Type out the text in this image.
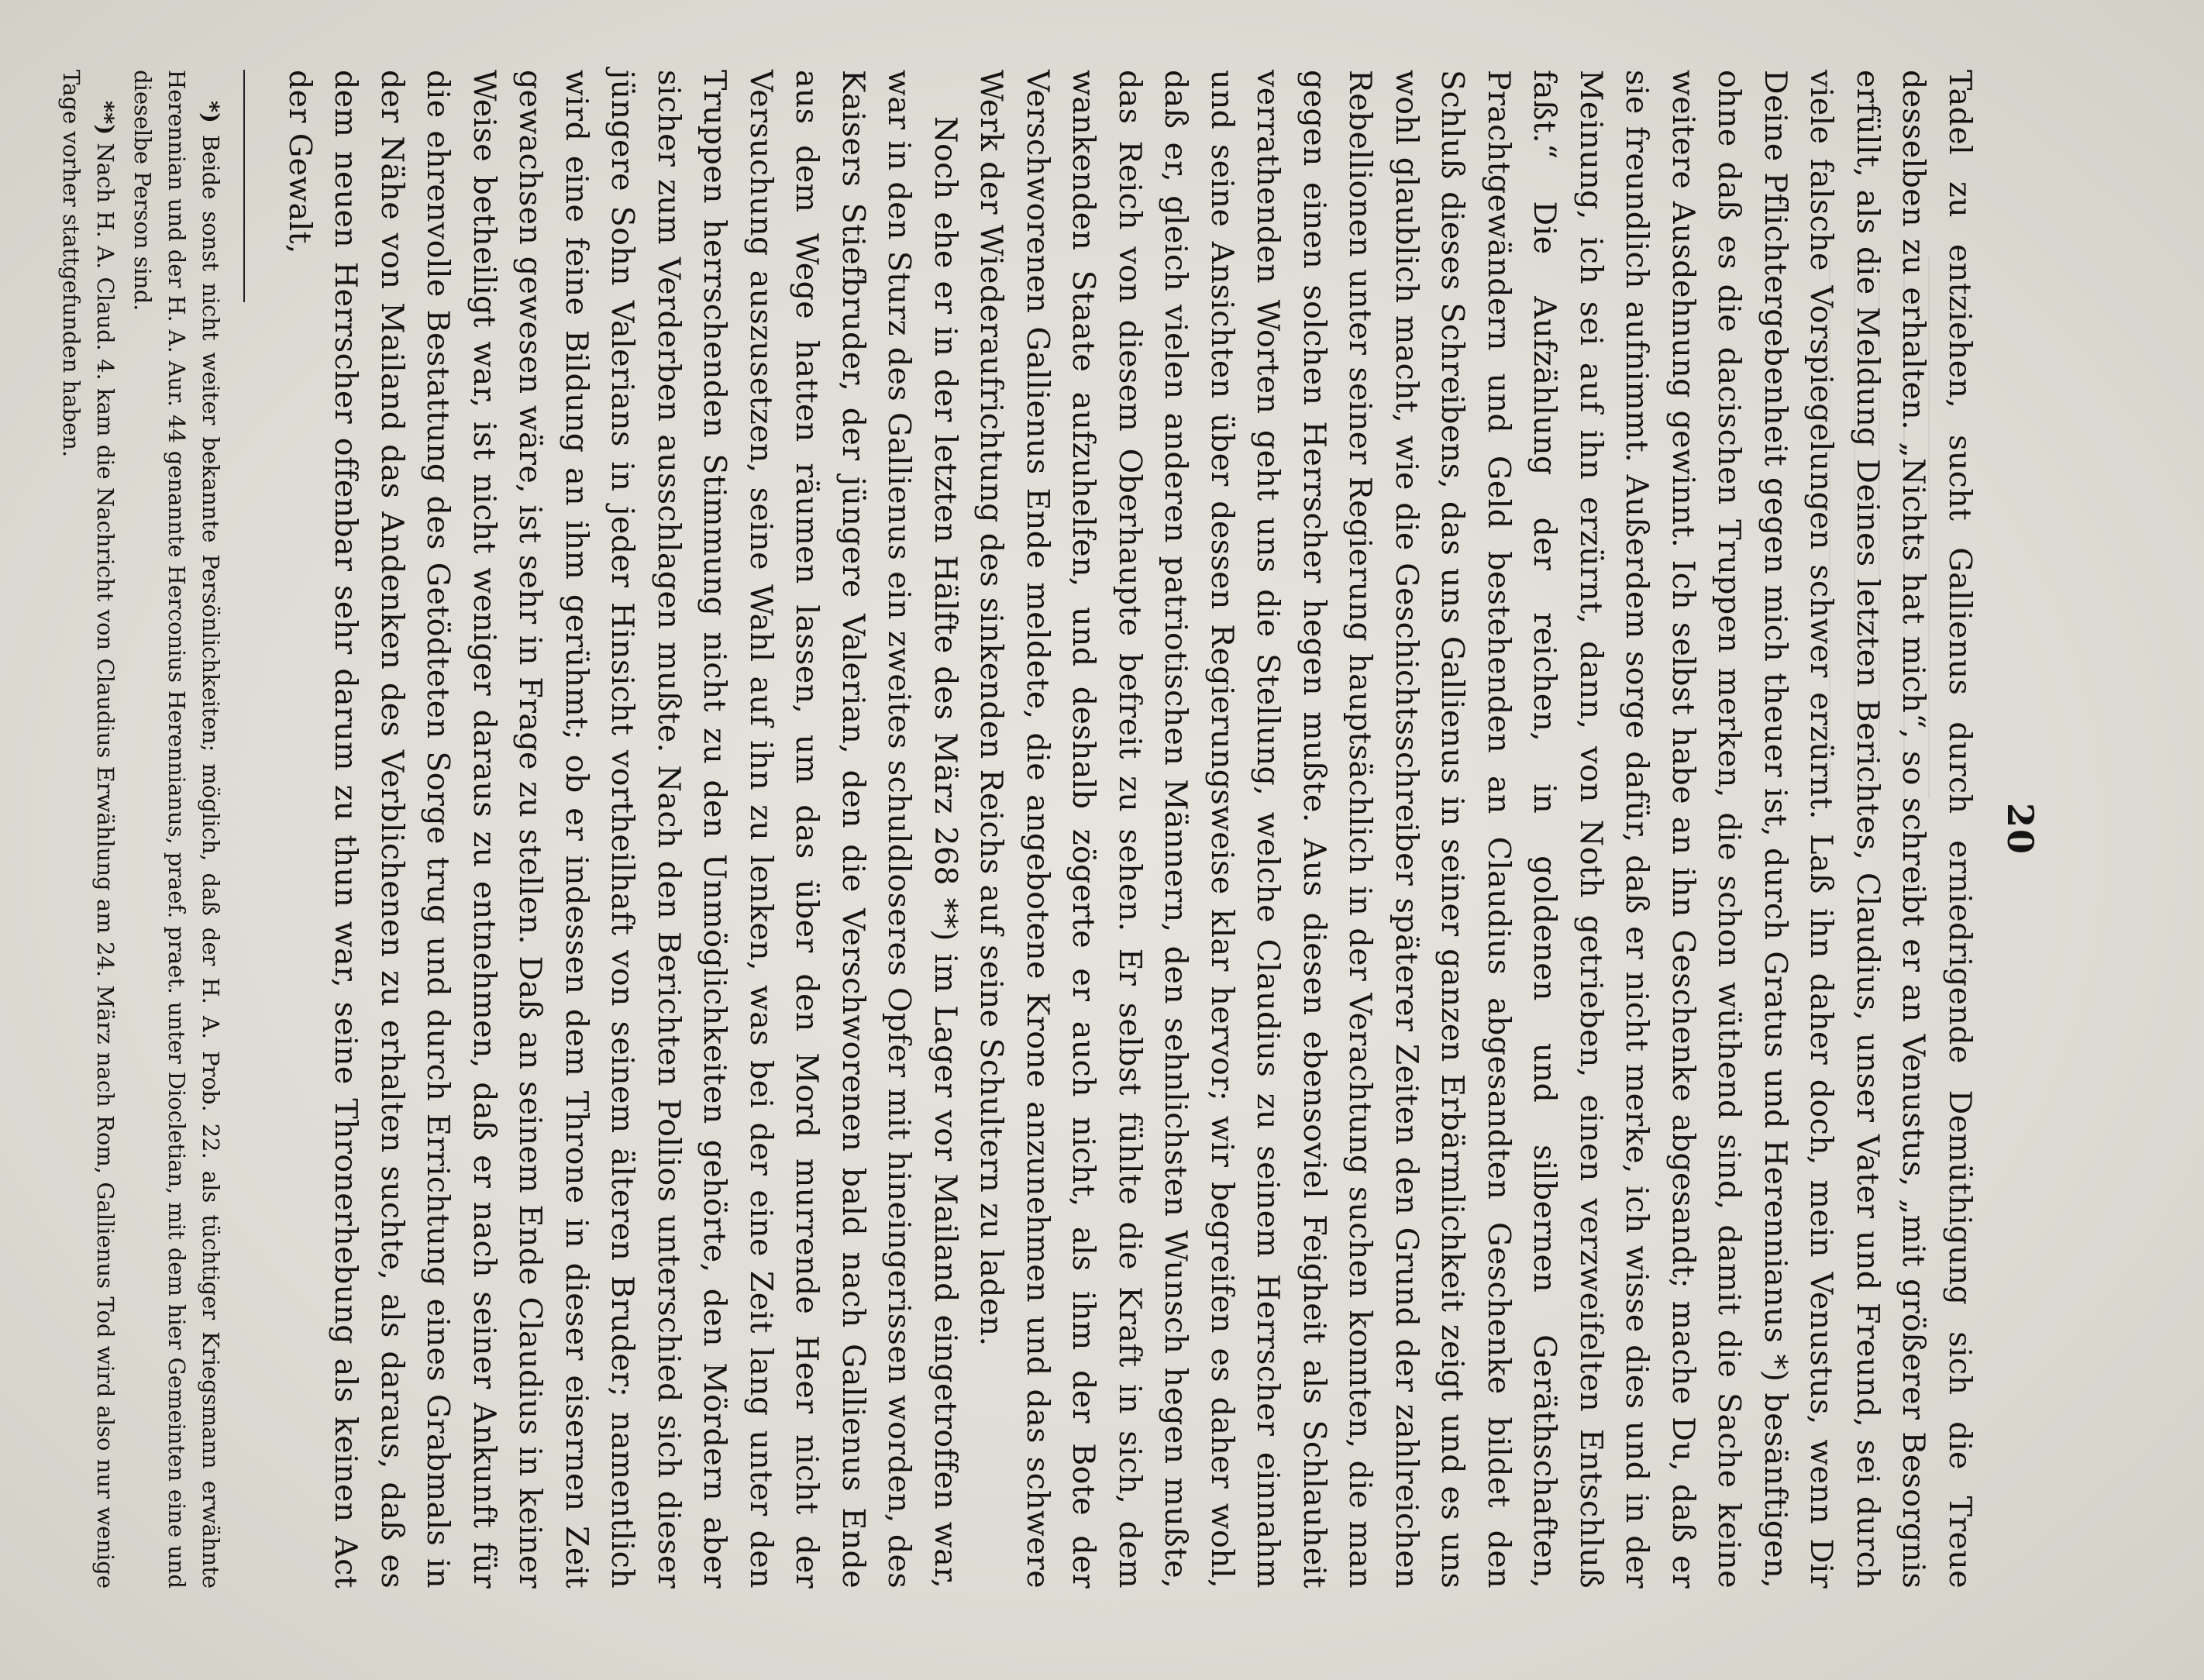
20

Tadel zu entziehen, sucht Gallienus durch erniedrigende Demüthigung sich die Treue desselben zu erhalten. „Nichts hat mich“, so schreibt er an Venustus, „mit größerer Besorgnis erfüllt, als die Meldung Deines letzten Berichtes, Claudius, unser Vater und Freund, sei durch viele falsche Vorspiegelungen schwer erzürnt. Laß ihn daher doch, mein Venustus, wenn Dir Deine Pflichtergebenheit gegen mich theuer ist, durch Gratus und Herennianus *) besänftigen, ohne daß es die dacischen Truppen merken, die schon wüthend sind, damit die Sache keine weitere Ausdehnung gewinnt. Ich selbst habe an ihn Geschenke abgesandt; mache Du, daß er sie freundlich aufnimmt. Außerdem sorge dafür, daß er nicht merke, ich wisse dies und in der Meinung, ich sei auf ihn erzürnt, dann, von Noth getrieben, einen verzweifelten Entschluß faßt.“ Die Aufzählung der reichen, in goldenen und silbernen Geräthschaften, Prachtgewändern und Geld bestehenden an Claudius abgesandten Geschenke bildet den Schluß dieses Schreibens, das uns Gallienus in seiner ganzen Erbärmlichkeit zeigt und es uns wohl glaublich macht, wie die Geschichtsschreiber späterer Zeiten den Grund der zahlreichen Rebellionen unter seiner Regierung hauptsächlich in der Verachtung suchen konnten, die man gegen einen solchen Herrscher hegen mußte. Aus diesen ebensoviel Feigheit als Schlauheit verrathenden Worten geht uns die Stellung, welche Claudius zu seinem Herrscher einnahm und seine Ansichten über dessen Regierungsweise klar hervor; wir begreifen es daher wohl, daß er, gleich vielen anderen patriotischen Männern, den sehnlichsten Wunsch hegen mußte, das Reich von diesem Oberhaupte befreit zu sehen. Er selbst fühlte die Kraft in sich, dem wankenden Staate aufzuhelfen, und deshalb zögerte er auch nicht, als ihm der Bote der Verschworenen Gallienus Ende meldete, die angebotene Krone anzunehmen und das schwere Werk der Wiederaufrichtung des sinkenden Reichs auf seine Schultern zu laden.

Noch ehe er in der letzten Hälfte des März 268 **) im Lager vor Mailand eingetroffen war, war in den Sturz des Gallienus ein zweites schuldloseres Opfer mit hineingerissen worden, des Kaisers Stiefbruder, der jüngere Valerian, den die Verschworenen bald nach Gallienus Ende aus dem Wege hatten räumen lassen, um das über den Mord murrende Heer nicht der Versuchung auszusetzen, seine Wahl auf ihn zu lenken, was bei der eine Zeit lang unter den Truppen herrschenden Stimmung nicht zu den Unmöglichkeiten gehörte, den Mördern aber sicher zum Verderben ausschlagen mußte. Nach den Berichten Pollios unterschied sich dieser jüngere Sohn Valerians in jeder Hinsicht vortheilhaft von seinem älteren Bruder; namentlich wird eine feine Bildung an ihm gerühmt; ob er indessen dem Throne in dieser eisernen Zeit gewachsen gewesen wäre, ist sehr in Frage zu stellen. Daß an seinem Ende Claudius in keiner Weise betheiligt war, ist nicht weniger daraus zu entnehmen, daß er nach seiner Ankunft für die ehrenvolle Bestattung des Getödteten Sorge trug und durch Errichtung eines Grabmals in der Nähe von Mailand das Andenken des Verblichenen zu erhalten suchte, als daraus, daß es dem neuen Herrscher offenbar sehr darum zu thun war, seine Thronerhebung als keinen Act der Gewalt,

*) Beide sonst nicht weiter bekannte Persönlichkeiten; möglich, daß der H. A. Prob. 22. als tüchtiger Kriegsmann erwähnte Herennian und der H. A. Aur. 44 genannte Herconius Herennianus, praef. praet. unter Diocletian, mit dem hier Gemeinten eine und dieselbe Person sind.

**) Nach H. A. Claud. 4. kam die Nachricht von Claudius Erwählung am 24. März nach Rom, Gallienus Tod wird also nur wenige Tage vorher stattgefunden haben.
